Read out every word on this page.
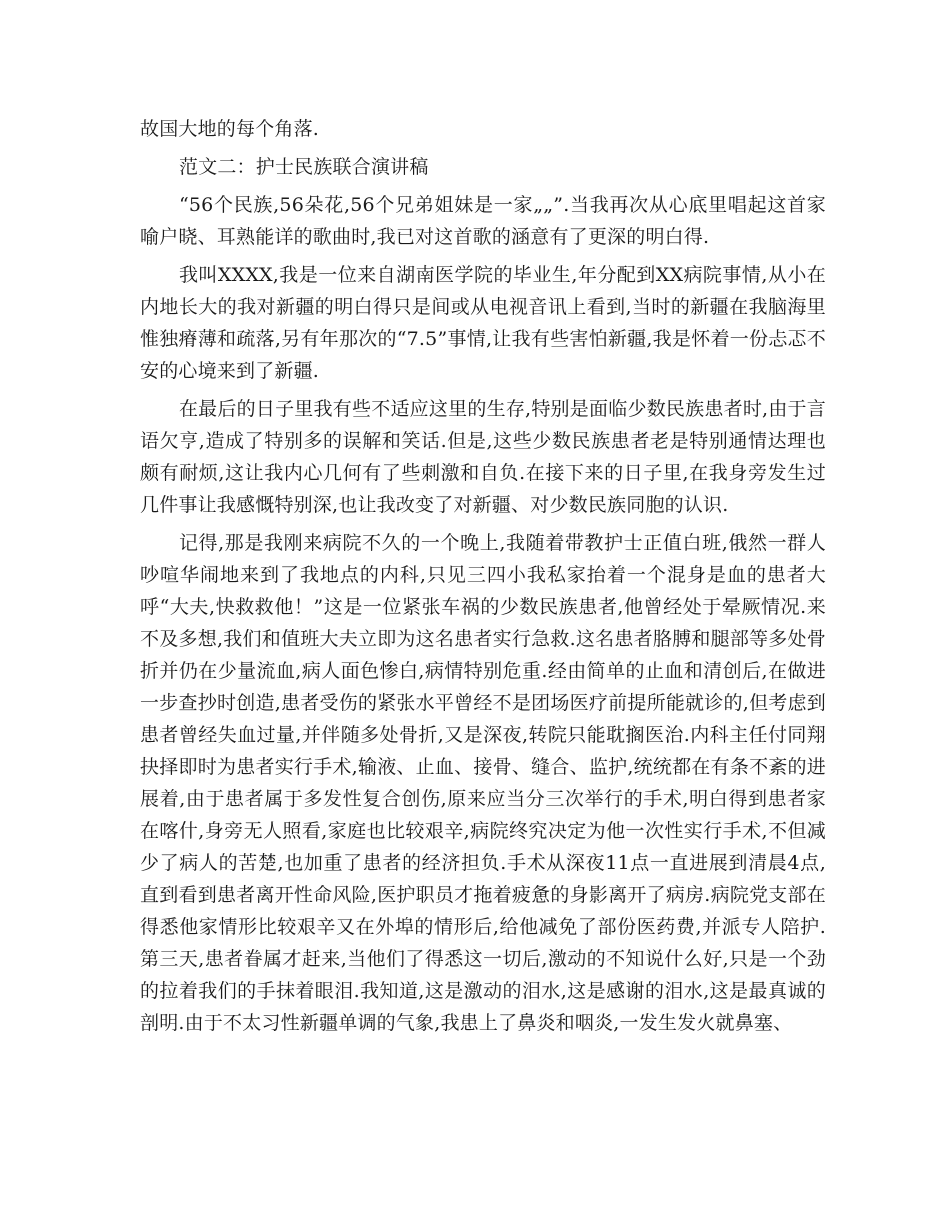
故国大地的每个角落.

范文二：护士民族联合演讲稿

“56个民族,56朵花,56个兄弟姐妹是一家„„”.当我再次从心底里唱起这首家喻户晓、耳熟能详的歌曲时,我已对这首歌的涵意有了更深的明白得.

我叫XXXX,我是一位来自湖南医学院的毕业生,年分配到XX病院事情,从小在内地长大的我对新疆的明白得只是间或从电视音讯上看到,当时的新疆在我脑海里惟独瘠薄和疏落,另有年那次的“7.5”事情,让我有些害怕新疆,我是怀着一份忐忑不安的心境来到了新疆.

在最后的日子里我有些不适应这里的生存,特别是面临少数民族患者时,由于言语欠亨,造成了特别多的误解和笑话.但是,这些少数民族患者老是特别通情达理也颇有耐烦,这让我内心几何有了些刺激和自负.在接下来的日子里,在我身旁发生过几件事让我感慨特别深,也让我改变了对新疆、对少数民族同胞的认识.

记得,那是我刚来病院不久的一个晚上,我随着带教护士正值白班,俄然一群人吵喧华闹地来到了我地点的内科,只见三四小我私家抬着一个混身是血的患者大呼“大夫,快救救他！”这是一位紧张车祸的少数民族患者,他曾经处于晕厥情况.来不及多想,我们和值班大夫立即为这名患者实行急救.这名患者胳膊和腿部等多处骨折并仍在少量流血,病人面色惨白,病情特别危重.经由简单的止血和清创后,在做进一步查抄时创造,患者受伤的紧张水平曾经不是团场医疗前提所能就诊的,但考虑到患者曾经失血过量,并伴随多处骨折,又是深夜,转院只能耽搁医治.内科主任付同翔抉择即时为患者实行手术,输液、止血、接骨、缝合、监护,统统都在有条不紊的进展着,由于患者属于多发性复合创伤,原来应当分三次举行的手术,明白得到患者家在喀什,身旁无人照看,家庭也比较艰辛,病院终究决定为他一次性实行手术,不但减少了病人的苦楚,也加重了患者的经济担负.手术从深夜11点一直进展到清晨4点,直到看到患者离开性命风险,医护职员才拖着疲惫的身影离开了病房.病院党支部在得悉他家情形比较艰辛又在外埠的情形后,给他减免了部份医药费,并派专人陪护.第三天,患者眷属才赶来,当他们了得悉这一切后,激动的不知说什么好,只是一个劲的拉着我们的手抹着眼泪.我知道,这是激动的泪水,这是感谢的泪水,这是最真诚的剖明.由于不太习性新疆单调的气象,我患上了鼻炎和咽炎,一发生发火就鼻塞、
